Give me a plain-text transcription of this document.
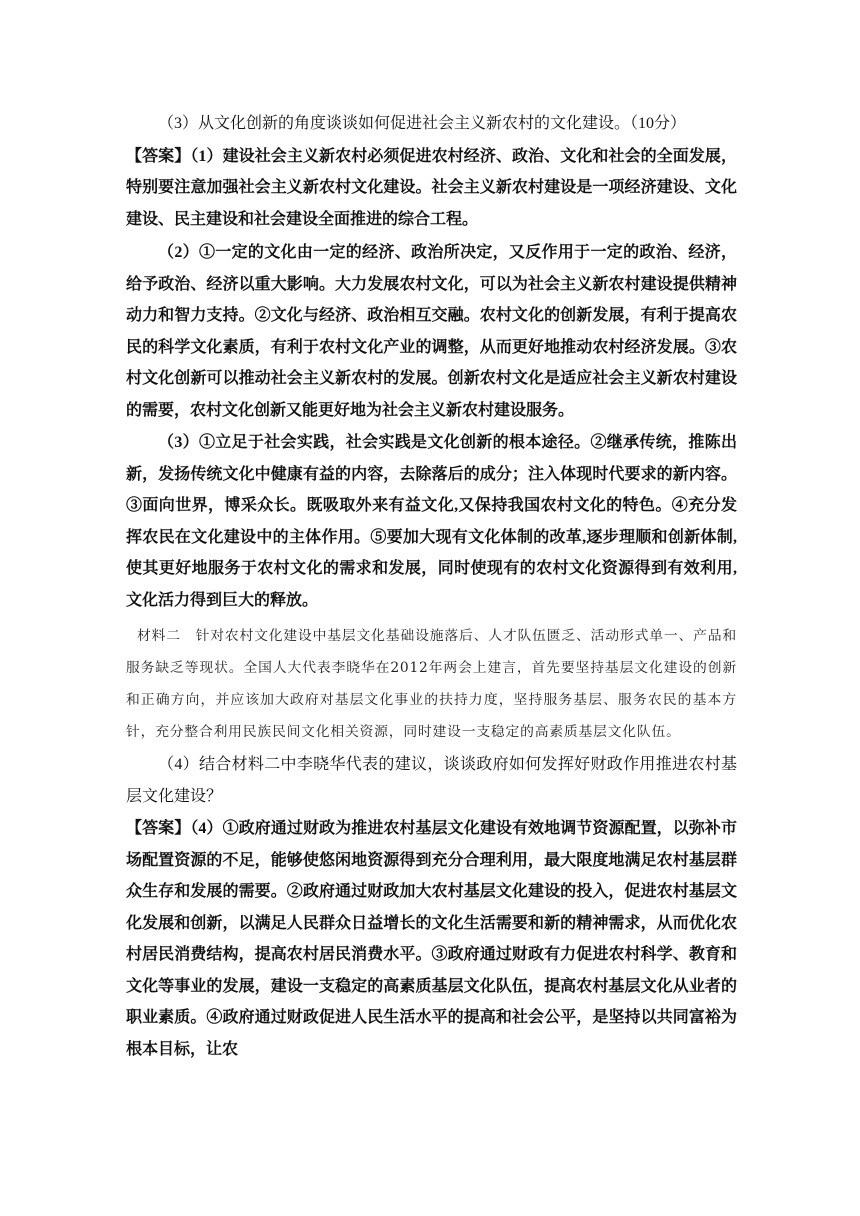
（3）从文化创新的角度谈谈如何促进社会主义新农村的文化建设。（10分）

【答案】（1）建设社会主义新农村必须促进农村经济、政治、文化和社会的全面发展，特别要注意加强社会主义新农村文化建设。社会主义新农村建设是一项经济建设、文化建设、民主建设和社会建设全面推进的综合工程。

（2）①一定的文化由一定的经济、政治所决定，又反作用于一定的政治、经济，给予政治、经济以重大影响。大力发展农村文化，可以为社会主义新农村建设提供精神动力和智力支持。②文化与经济、政治相互交融。农村文化的创新发展，有利于提高农民的科学文化素质，有利于农村文化产业的调整，从而更好地推动农村经济发展。③农村文化创新可以推动社会主义新农村的发展。创新农村文化是适应社会主义新农村建设的需要，农村文化创新又能更好地为社会主义新农村建设服务。

（3）①立足于社会实践，社会实践是文化创新的根本途径。②继承传统，推陈出新，发扬传统文化中健康有益的内容，去除落后的成分；注入体现时代要求的新内容。③面向世界，博采众长。既吸取外来有益文化,又保持我国农村文化的特色。④充分发挥农民在文化建设中的主体作用。⑤要加大现有文化体制的改革,逐步理顺和创新体制,使其更好地服务于农村文化的需求和发展，同时使现有的农村文化资源得到有效利用,文化活力得到巨大的释放。

材料二　针对农村文化建设中基层文化基础设施落后、人才队伍匮乏、活动形式单一、产品和服务缺乏等现状。全国人大代表李晓华在2012年两会上建言，首先要坚持基层文化建设的创新和正确方向，并应该加大政府对基层文化事业的扶持力度，坚持服务基层、服务农民的基本方针，充分整合利用民族民间文化相关资源，同时建设一支稳定的高素质基层文化队伍。

（4）结合材料二中李晓华代表的建议，谈谈政府如何发挥好财政作用推进农村基层文化建设？

【答案】（4）①政府通过财政为推进农村基层文化建设有效地调节资源配置，以弥补市场配置资源的不足，能够使悠闲地资源得到充分合理利用，最大限度地满足农村基层群众生存和发展的需要。②政府通过财政加大农村基层文化建设的投入，促进农村基层文化发展和创新，以满足人民群众日益增长的文化生活需要和新的精神需求，从而优化农村居民消费结构，提高农村居民消费水平。③政府通过财政有力促进农村科学、教育和文化等事业的发展，建设一支稳定的高素质基层文化队伍，提高农村基层文化从业者的职业素质。④政府通过财政促进人民生活水平的提高和社会公平，是坚持以共同富裕为根本目标，让农
